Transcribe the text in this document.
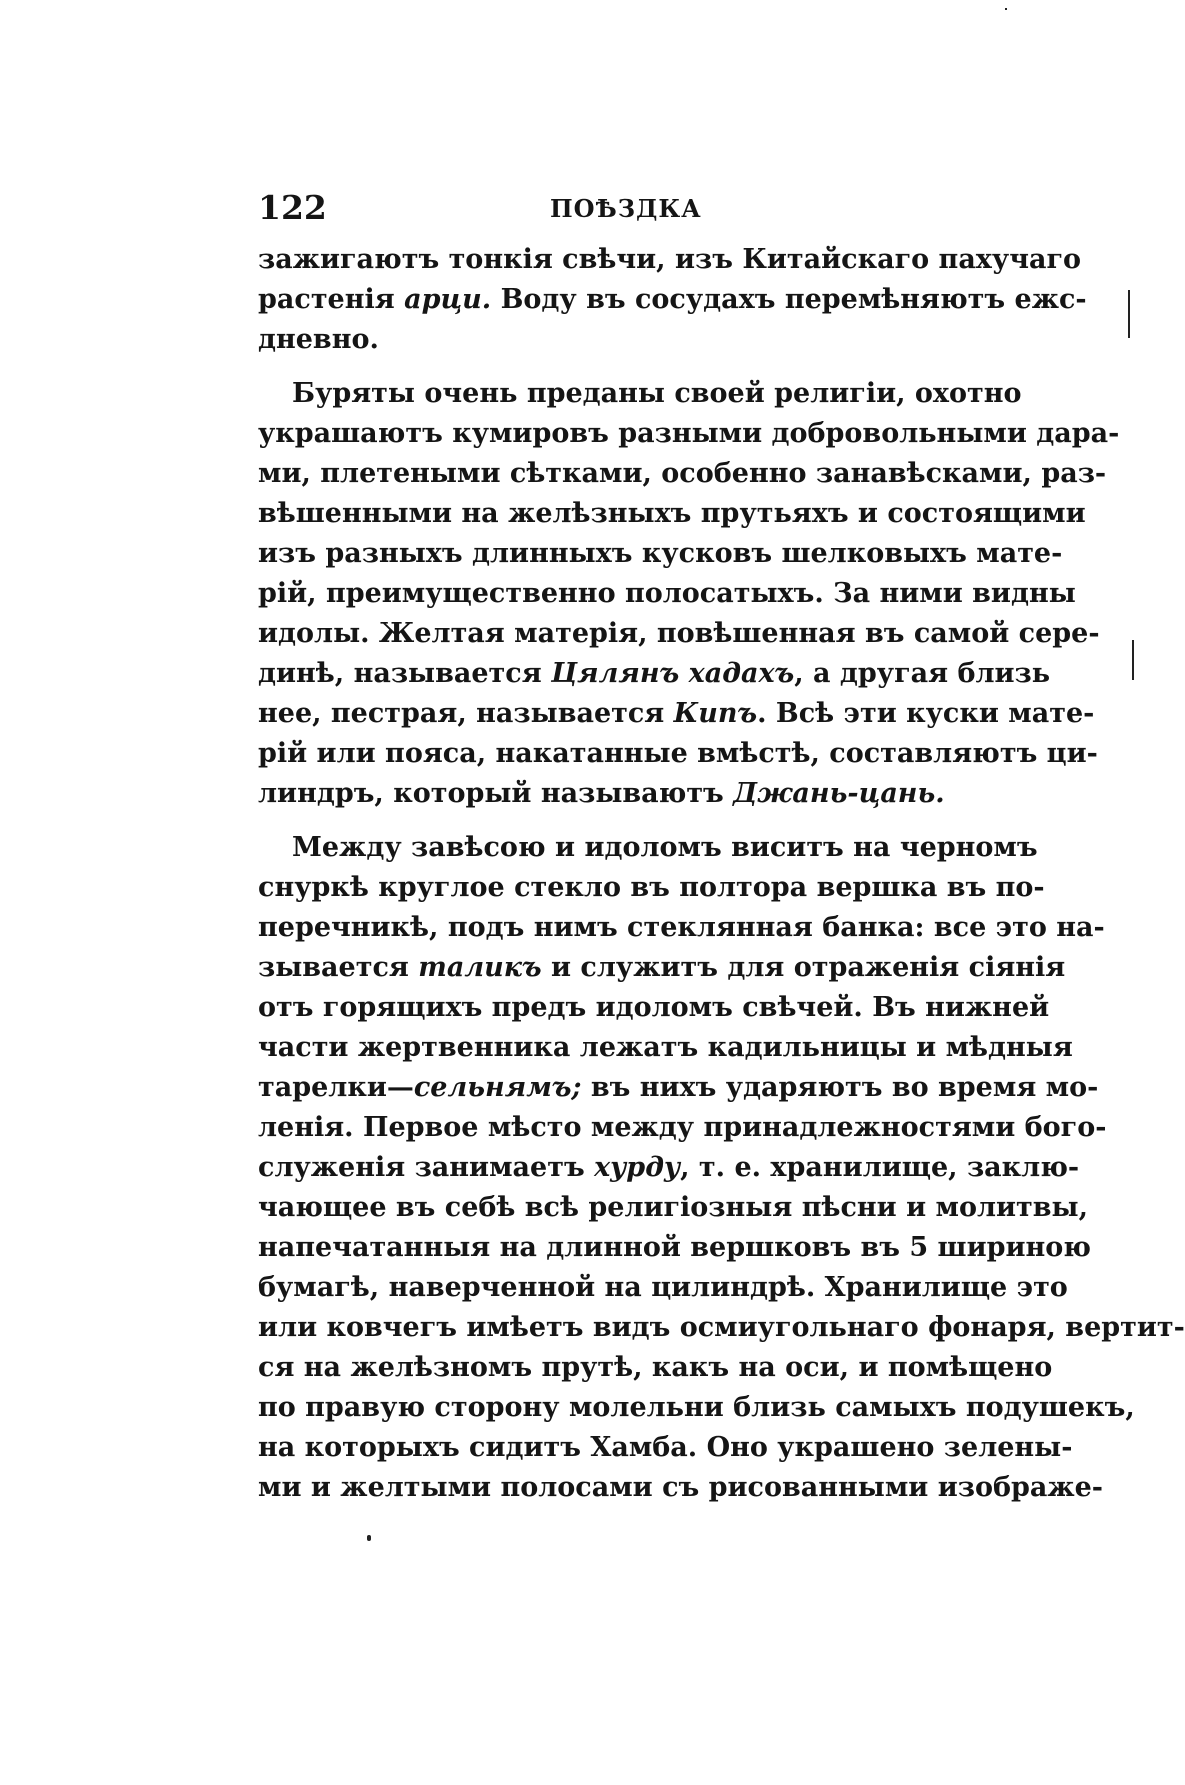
122	ПОѢЗДКА
зажигаютъ тонкія свѣчи, изъ Китайскаго пахучаго
растенія арци. Воду въ сосудахъ перемѣняютъ ежс-
дневно.
Буряты очень преданы своей религіи, охотно
украшаютъ кумировъ разными добровольными дара-
ми, плетеными сѣтками, особенно занавѣсками, раз-
вѣшенными на желѣзныхъ прутьяхъ и состоящими
изъ разныхъ длинныхъ кусковъ шелковыхъ мате-
рій, преимущественно полосатыхъ. За ними видны
идолы. Желтая матерія, повѣшенная въ самой сере-
динѣ, называется Цялянъ хадахъ, а другая близь
нее, пестрая, называется Кипъ. Всѣ эти куски мате-
рій или пояса, накатанные вмѣстѣ, составляютъ ци-
линдръ, который называютъ Джань-цань.
Между завѣсою и идоломъ виситъ на черномъ
снуркѣ круглое стекло въ полтора вершка въ по-
перечникѣ, подъ нимъ стеклянная банка: все это на-
зывается таликъ и служитъ для отраженія сіянія
отъ горящихъ предъ идоломъ свѣчей. Въ нижней
части жертвенника лежатъ кадильницы и мѣдныя
тарелки—сельнямъ; въ нихъ ударяютъ во время мо-
ленія. Первое мѣсто между принадлежностями бого-
служенія занимаетъ хурду, т. е. хранилище, заклю-
чающее въ себѣ всѣ религіозныя пѣсни и молитвы,
напечатанныя на длинной вершковъ въ 5 шириною
бумагѣ, наверченной на цилиндрѣ. Хранилище это
или ковчегъ имѣетъ видъ осмиугольнаго фонаря, вертит-
ся на желѣзномъ прутѣ, какъ на оси, и помѣщено
по правую сторону молельни близь самыхъ подушекъ,
на которыхъ сидитъ Хамба. Оно украшено зелены-
ми и желтыми полосами съ рисованными изображе-
